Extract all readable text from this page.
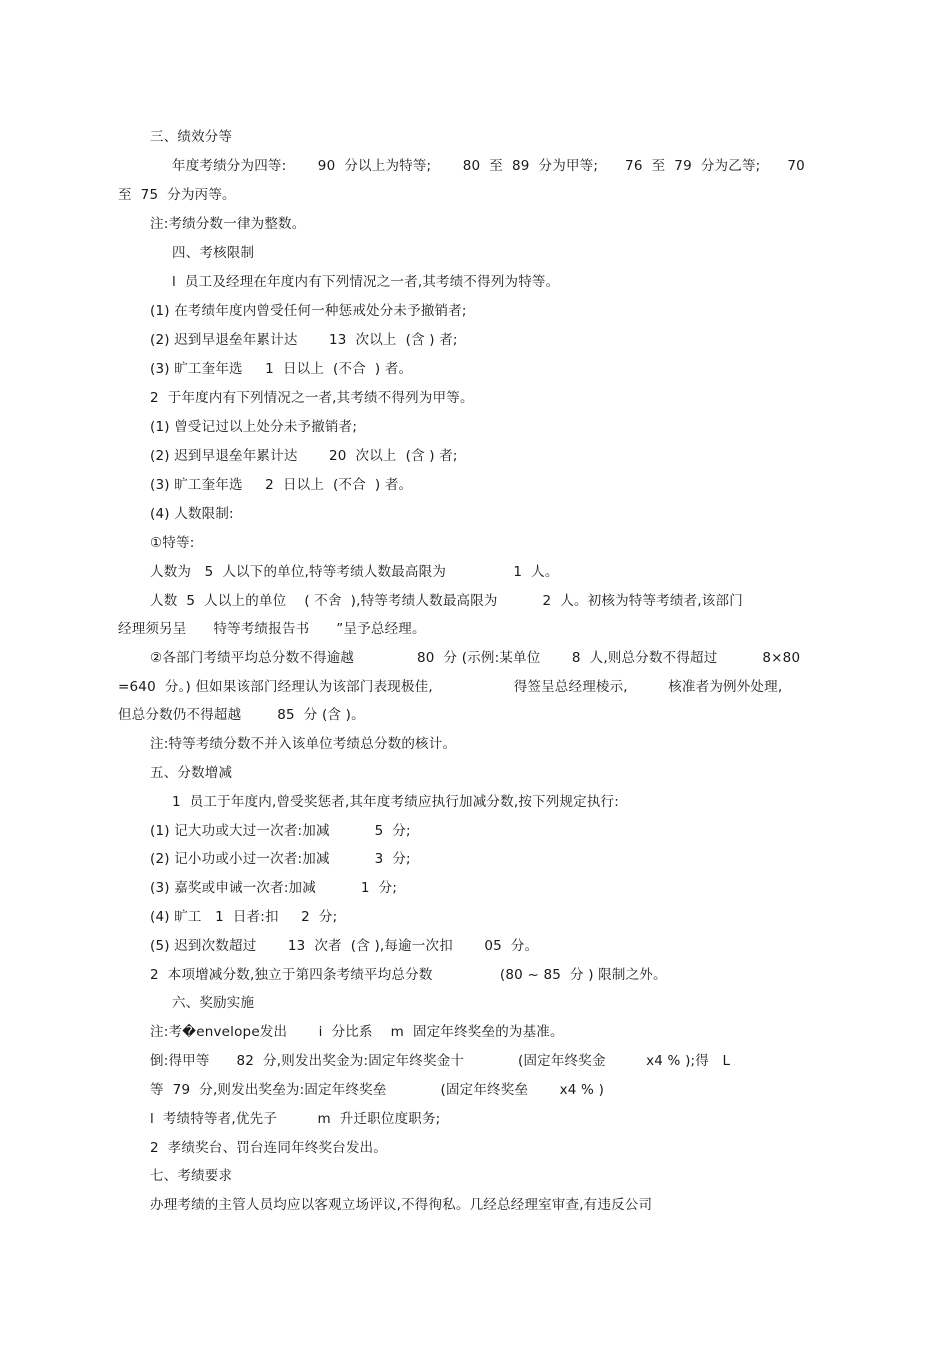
三、绩效分等
年度考绩分为四等:       90  分以上为特等;       80  至  89  分为甲等;      76  至  79  分为乙等;      70
至  75  分为丙等。
注:考绩分数一律为整数。
四、考核限制
l  员工及经理在年度内有下列情况之一者,其考绩不得列为特等。
(1) 在考绩年度内曾受任何一种惩戒处分未予撤销者;
(2) 迟到早退垒年累计达       13  次以上  (含 ) 者;
(3) 旷工奎年选     1  日以上  (不合  ) 者。
2  于年度内有下列情况之一者,其考绩不得列为甲等。
(1) 曾受记过以上处分未予撤销者;
(2) 迟到早退垒年累计达       20  次以上  (含 ) 者;
(3) 旷工奎年选     2  日以上  (不合  ) 者。
(4) 人数限制:
①特等:
人数为   5  人以下的单位,特等考绩人数最高限为               1  人。
人数  5  人以上的单位    ( 不舍  ),特等考绩人数最高限为          2  人。初核为特等考绩者,该部门
经理须另呈      特等考绩报告书      ”呈予总经理。
②各部门考绩平均总分数不得逾越              80  分 (示例:某单位       8  人,则总分数不得超过          8×80
=640  分。) 但如果该部门经理认为该部门表现极佳,                  得签呈总经理棱示,         核准者为例外处理,
但总分数仍不得超越        85  分 (含 )。
注:特等考绩分数不并入该单位考绩总分数的核计。
五、分数增减
1  员工于年度内,曾受奖惩者,其年度考绩应执行加减分数,按下列规定执行:
(1) 记大功或大过一次者:加减          5  分;
(2) 记小功或小过一次者:加减          3  分;
(3) 嘉奖或申诫一次者:加减          1  分;
(4) 旷工   1  日者:扣     2  分;
(5) 迟到次数超过       13  次者  (含 ),每逾一次扣       05  分。
2  本项增减分数,独立于第四条考绩平均总分数               (80 ~ 85  分 ) 限制之外。
六、奖励实施
注:考�envelope发出       i  分比系    m  固定年终奖垒的为基准。
倒:得甲等      82  分,则发出奖金为:固定年终奖金十            (固定年终奖金         x4 % );得   L
等  79  分,则发出奖垒为:固定年终奖垒            (固定年终奖垒       x4 % )
l  考绩特等者,优先子         m  升迁职位度职务;
2  孝绩奖台、罚台连同年终奖台发出。
七、考绩要求
办理考绩的主管人员均应以客观立场评议,不得徇私。几经总经理室审查,有违反公司
